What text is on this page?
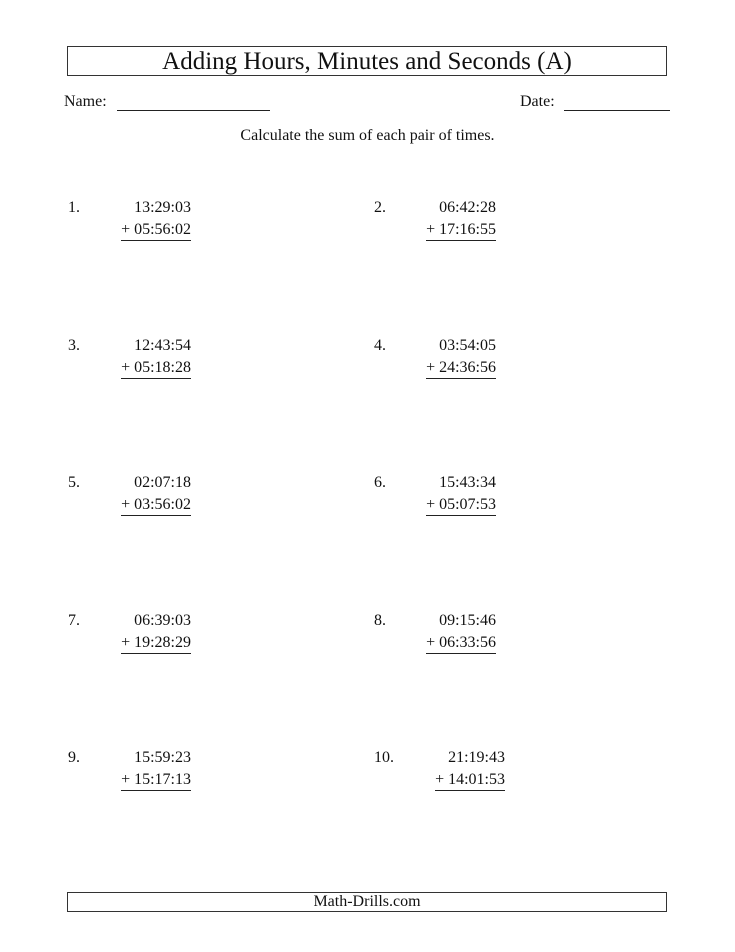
Adding Hours, Minutes and Seconds (A)
Name:	Date:
Calculate the sum of each pair of times.
1.	13:29:03
+ 05:56:02
2.	06:42:28
+ 17:16:55
3.	12:43:54
+ 05:18:28
4.	03:54:05
+ 24:36:56
5.	02:07:18
+ 03:56:02
6.	15:43:34
+ 05:07:53
7.	06:39:03
+ 19:28:29
8.	09:15:46
+ 06:33:56
9.	15:59:23
+ 15:17:13
10.	21:19:43
+ 14:01:53
Math-Drills.com
